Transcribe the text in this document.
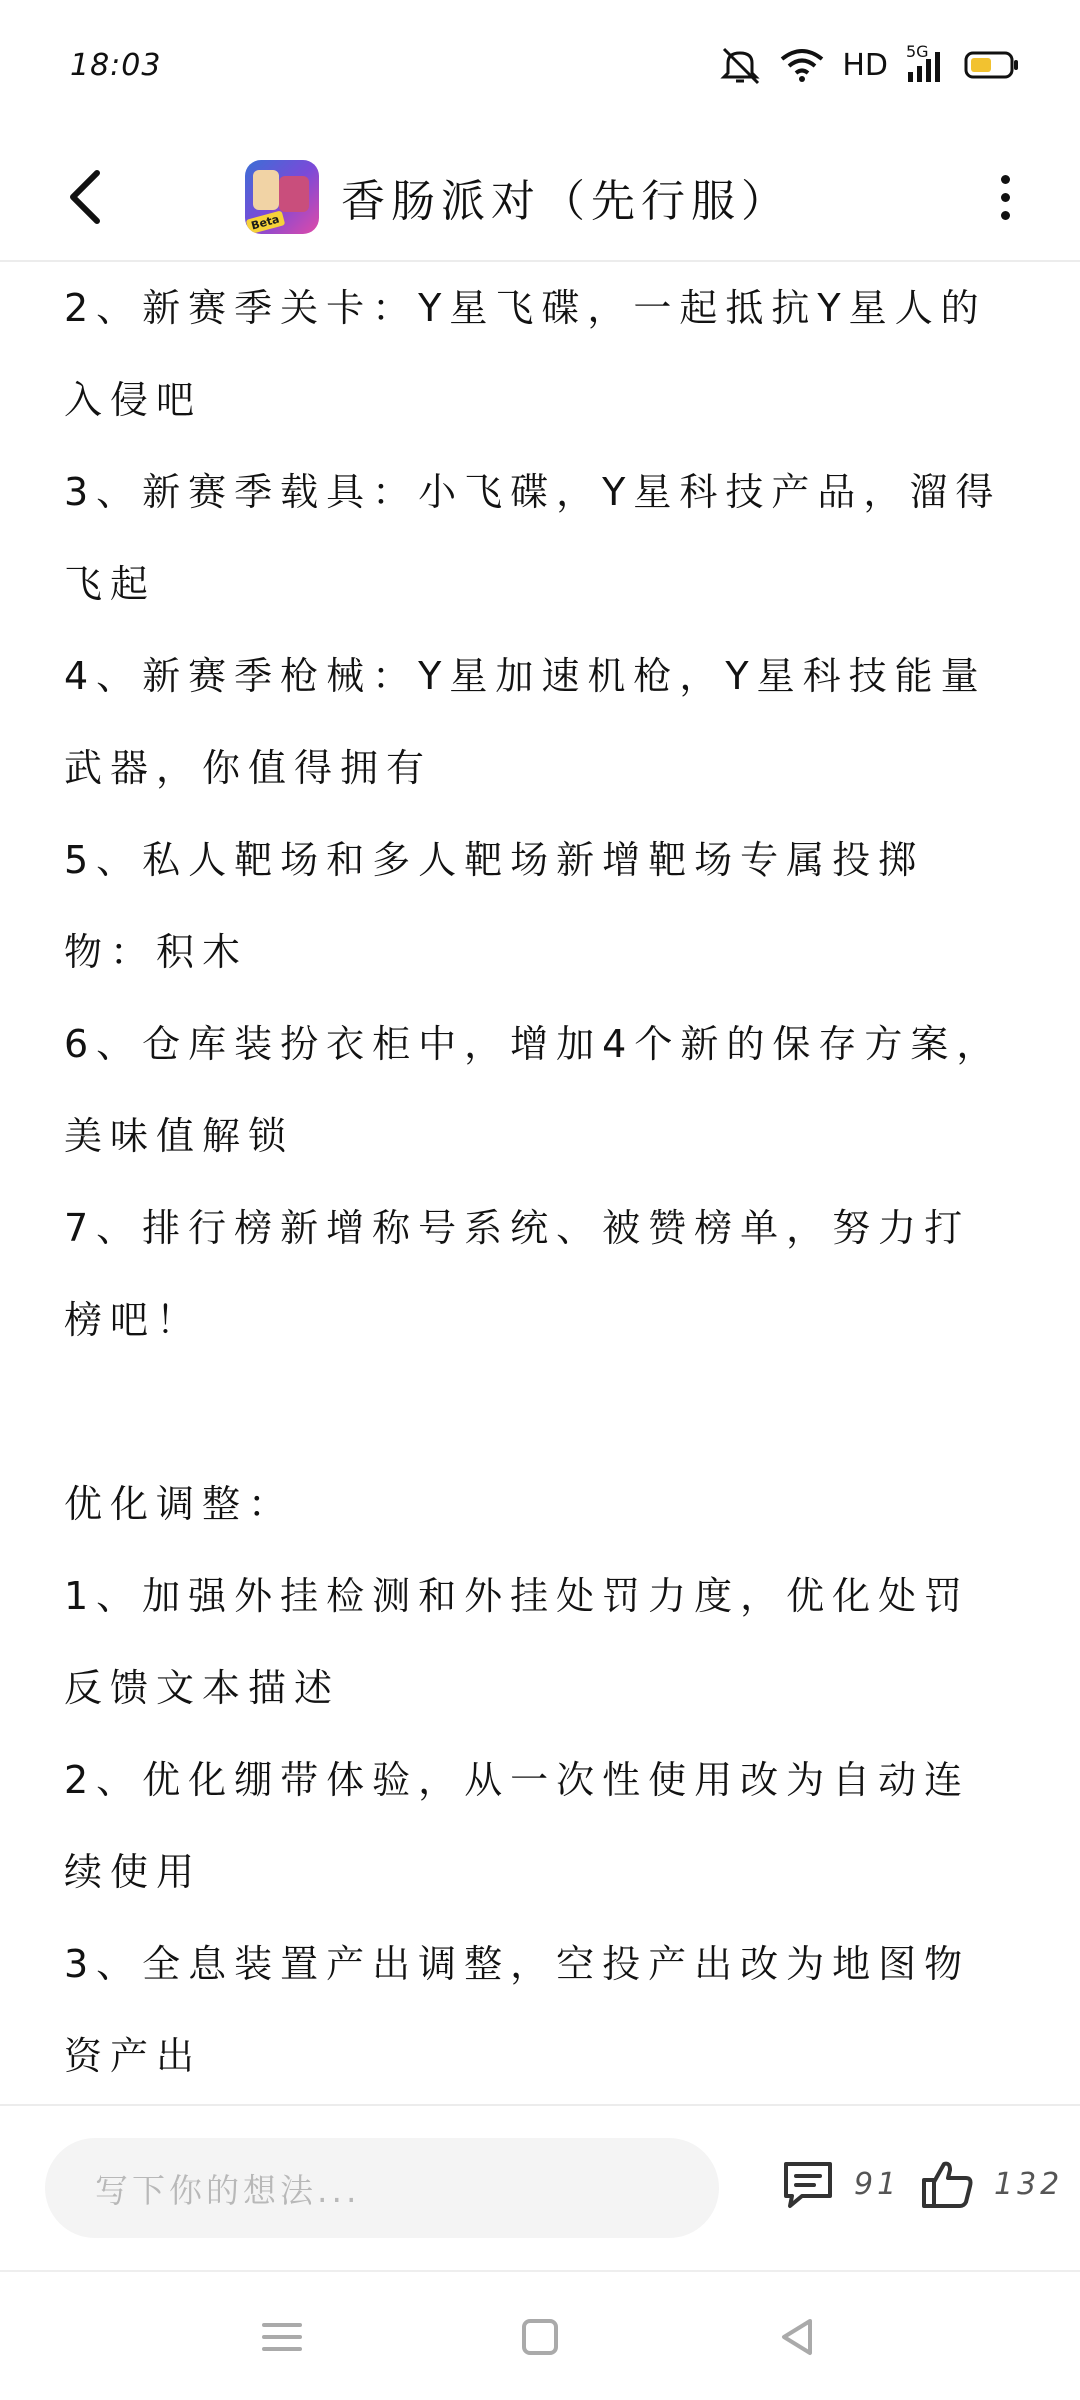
18:03	HD 5G
Beta 香肠派对（先行服）

2、新赛季关卡：Y星飞碟，一起抵抗Y星人的

入侵吧

3、新赛季载具：小飞碟，Y星科技产品，溜得

飞起

4、新赛季枪械：Y星加速机枪，Y星科技能量

武器，你值得拥有

5、私人靶场和多人靶场新增靶场专属投掷

物：积木

6、仓库装扮衣柜中，增加4个新的保存方案，

美味值解锁

7、排行榜新增称号系统、被赞榜单，努力打

榜吧！

优化调整：

1、加强外挂检测和外挂处罚力度，优化处罚

反馈文本描述

2、优化绷带体验，从一次性使用改为自动连

续使用

3、全息装置产出调整，空投产出改为地图物

资产出

写下你的想法...	91	132
